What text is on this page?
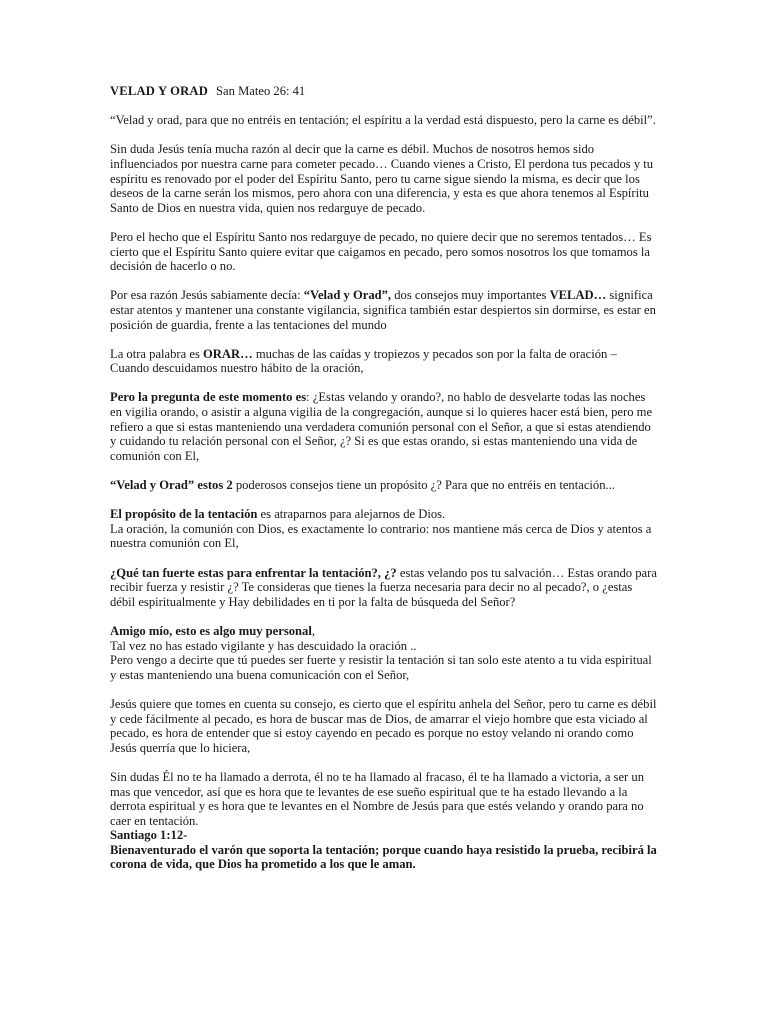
VELAD Y ORAD San Mateo 26: 41

“Velad y orad, para que no entréis en tentación; el espíritu a la verdad está dispuesto, pero la carne es débil”.

Sin duda Jesús tenía mucha razón al decir que la carne es débil. Muchos de nosotros hemos sido influenciados por nuestra carne para cometer pecado… Cuando vienes a Cristo, El perdona tus pecados y tu espíritu es renovado por el poder del Espíritu Santo, pero tu carne sigue siendo la misma, es decir que los deseos de la carne serán los mismos, pero ahora con una diferencia, y esta es que ahora tenemos al Espíritu Santo de Dios en nuestra vida, quien nos redarguye de pecado.

Pero el hecho que el Espíritu Santo nos redarguye de pecado, no quiere decir que no seremos tentados… Es cierto que el Espíritu Santo quiere evitar que caigamos en pecado, pero somos nosotros los que tomamos la decisión de hacerlo o no.

Por esa razón Jesús sabiamente decía: “Velad y Orad”, dos consejos muy importantes VELAD… significa estar atentos y mantener una constante vigilancia, significa también estar despiertos sin dormirse, es estar en posición de guardia, frente a las tentaciones del mundo

La otra palabra es ORAR… muchas de las caídas y tropiezos y pecados son por la falta de oración – Cuando descuidamos nuestro hábito de la oración,

Pero la pregunta de este momento es: ¿Estas velando y orando?, no hablo de desvelarte todas las noches en vigilia orando, o asistir a alguna vigilia de la congregación, aunque si lo quieres hacer está bien, pero me refiero a que si estas manteniendo una verdadera comunión personal con el Señor, a que si estas atendiendo y cuidando tu relación personal con el Señor, ¿? Si es que estas orando, si estas manteniendo una vida de comunión con El,

“Velad y Orad” estos 2 poderosos consejos tiene un propósito ¿? Para que no entréis en tentación...

El propósito de la tentación es atraparnos para alejarnos de Dios.
La oración, la comunión con Dios, es exactamente lo contrario: nos mantiene más cerca de Dios y atentos a nuestra comunión con El,

¿Qué tan fuerte estas para enfrentar la tentación?, ¿? estas velando pos tu salvación… Estas orando para recibir fuerza y resistir ¿? Te consideras que tienes la fuerza necesaria para decir no al pecado?, o ¿estas débil espiritualmente y Hay debilidades en ti por la falta de búsqueda del Señor?

Amigo mío, esto es algo muy personal,
Tal vez no has estado vigilante y has descuidado la oración ..
Pero vengo a decirte que tú puedes ser fuerte y resistir la tentación si tan solo este atento a tu vida espiritual y estas manteniendo una buena comunicación con el Señor,

Jesús quiere que tomes en cuenta su consejo, es cierto que el espíritu anhela del Señor, pero tu carne es débil y cede fácilmente al pecado, es hora de buscar mas de Dios, de amarrar el viejo hombre que esta viciado al pecado, es hora de entender que si estoy cayendo en pecado es porque no estoy velando ni orando como Jesús querría que lo hiciera,

Sin dudas Él no te ha llamado a derrota, él no te ha llamado al fracaso, él te ha llamado a victoria, a ser un mas que vencedor, así que es hora que te levantes de ese sueño espiritual que te ha estado llevando a la derrota espiritual y es hora que te levantes en el Nombre de Jesús para que estés velando y orando para no caer en tentación.

Santiago 1:12-
Bienaventurado el varón que soporta la tentación; porque cuando haya resistido la prueba, recibirá la corona de vida, que Dios ha prometido a los que le aman.
